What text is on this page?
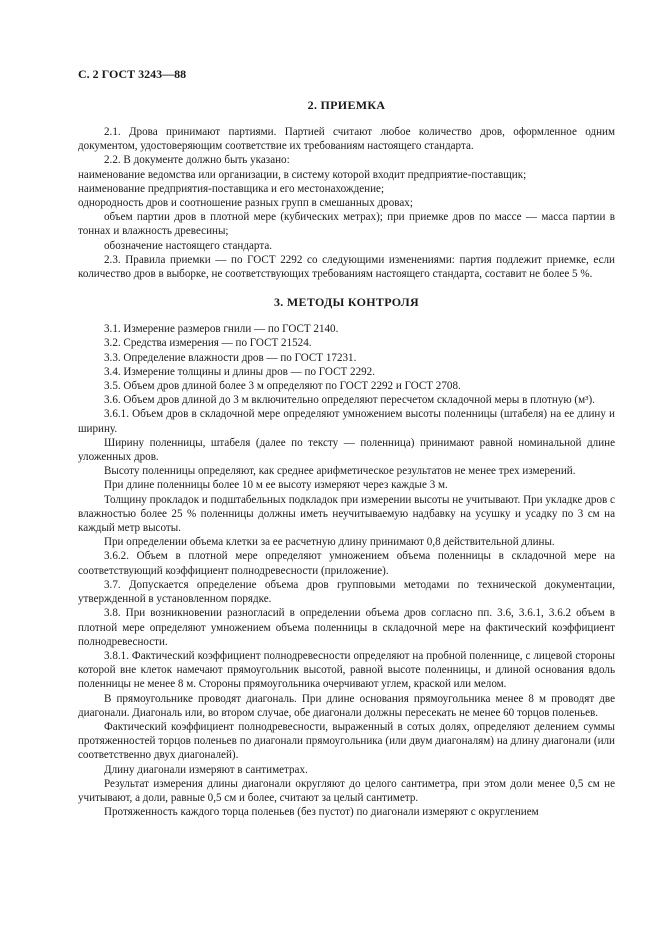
С. 2 ГОСТ 3243—88
2. ПРИЕМКА

2.1. Дрова принимают партиями. Партией считают любое количество дров, оформленное одним документом, удостоверяющим соответствие их требованиям настоящего стандарта.

2.2. В документе должно быть указано:

наименование ведомства или организации, в систему которой входит предприятие-поставщик;

наименование предприятия-поставщика и его местонахождение;

однородность дров и соотношение разных групп в смешанных дровах;

объем партии дров в плотной мере (кубических метрах); при приемке дров по массе — масса партии в тоннах и влажность древесины;

обозначение настоящего стандарта.

2.3. Правила приемки — по ГОСТ 2292 со следующими изменениями: партия подлежит приемке, если количество дров в выборке, не соответствующих требованиям настоящего стандарта, составит не более 5 %.

3. МЕТОДЫ КОНТРОЛЯ

3.1. Измерение размеров гнили — по ГОСТ 2140.

3.2. Средства измерения — по ГОСТ 21524.

3.3. Определение влажности дров — по ГОСТ 17231.

3.4. Измерение толщины и длины дров — по ГОСТ 2292.

3.5. Объем дров длиной более 3 м определяют по ГОСТ 2292 и ГОСТ 2708.

3.6. Объем дров длиной до 3 м включительно определяют пересчетом складочной меры в плотную (м³).

3.6.1. Объем дров в складочной мере определяют умножением высоты поленницы (штабеля) на ее длину и ширину.

Ширину поленницы, штабеля (далее по тексту — поленница) принимают равной номинальной длине уложенных дров.

Высоту поленницы определяют, как среднее арифметическое результатов не менее трех измерений.

При длине поленницы более 10 м ее высоту измеряют через каждые 3 м.

Толщину прокладок и подштабельных подкладок при измерении высоты не учитывают. При укладке дров с влажностью более 25 % поленницы должны иметь неучитываемую надбавку на усушку и усадку по 3 см на каждый метр высоты.

При определении объема клетки за ее расчетную длину принимают 0,8 действительной длины.

3.6.2. Объем в плотной мере определяют умножением объема поленницы в складочной мере на соответствующий коэффициент полнодревесности (приложение).

3.7. Допускается определение объема дров групповыми методами по технической документации, утвержденной в установленном порядке.

3.8. При возникновении разногласий в определении объема дров согласно пп. 3.6, 3.6.1, 3.6.2 объем в плотной мере определяют умножением объема поленницы в складочной мере на фактический коэффициент полнодревесности.

3.8.1. Фактический коэффициент полнодревесности определяют на пробной поленнице, с лицевой стороны которой вне клеток намечают прямоугольник высотой, равной высоте поленницы, и длиной основания вдоль поленницы не менее 8 м. Стороны прямоугольника очерчивают углем, краской или мелом.

В прямоугольнике проводят диагональ. При длине основания прямоугольника менее 8 м проводят две диагонали. Диагональ или, во втором случае, обе диагонали должны пересекать не менее 60 торцов поленьев.

Фактический коэффициент полнодревесности, выраженный в сотых долях, определяют делением суммы протяженностей торцов поленьев по диагонали прямоугольника (или двум диагоналям) на длину диагонали (или соответственно двух диагоналей).

Длину диагонали измеряют в сантиметрах.

Результат измерения длины диагонали округляют до целого сантиметра, при этом доли менее 0,5 см не учитывают, а доли, равные 0,5 см и более, считают за целый сантиметр.

Протяженность каждого торца поленьев (без пустот) по диагонали измеряют с округлением
